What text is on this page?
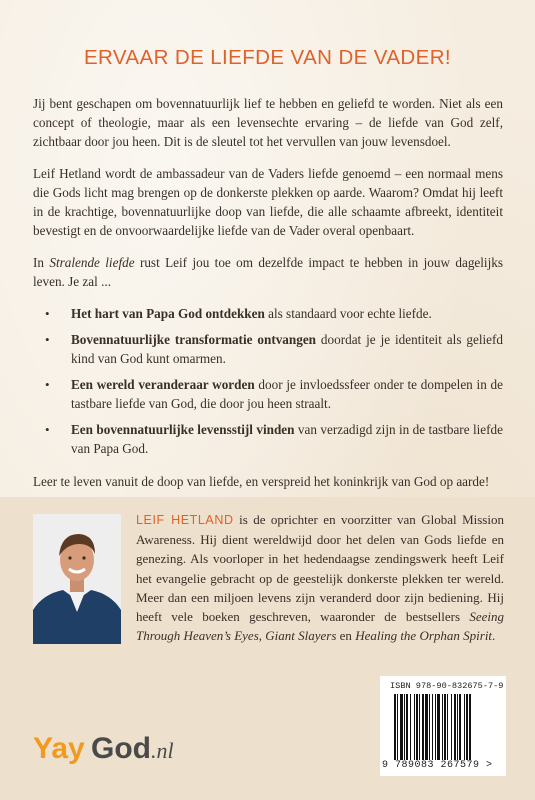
ERVAAR DE LIEFDE VAN DE VADER!

Jij bent geschapen om bovennatuurlijk lief te hebben en geliefd te worden. Niet als een concept of theologie, maar als een levensechte ervaring – de liefde van God zelf, zichtbaar door jou heen. Dit is de sleutel tot het vervullen van jouw levensdoel.

Leif Hetland wordt de ambassadeur van de Vaders liefde genoemd – een normaal mens die Gods licht mag brengen op de donkerste plekken op aarde. Waarom? Omdat hij leeft in de krachtige, bovennatuurlijke doop van liefde, die alle schaamte afbreekt, identiteit bevestigt en de onvoorwaardelijke liefde van de Vader overal openbaart.

In Stralende liefde rust Leif jou toe om dezelfde impact te hebben in jouw dagelijks leven. Je zal ...

• Het hart van Papa God ontdekken als standaard voor echte liefde.
• Bovennatuurlijke transformatie ontvangen doordat je je identiteit als geliefd kind van God kunt omarmen.
• Een wereld veranderaar worden door je invloedssfeer onder te dompelen in de tastbare liefde van God, die door jou heen straalt.
• Een bovennatuurlijke levensstijl vinden van verzadigd zijn in de tastbare liefde van Papa God.

Leer te leven vanuit de doop van liefde, en verspreid het koninkrijk van God op aarde!

LEIF HETLAND is de oprichter en voorzitter van Global Mission Awareness. Hij dient wereldwijd door het delen van Gods liefde en genezing. Als voorloper in het hedendaagse zendingswerk heeft Leif het evangelie gebracht op de geestelijk donkerste plekken ter wereld. Meer dan een miljoen levens zijn veranderd door zijn bediening. Hij heeft vele boeken geschreven, waaronder de bestsellers Seeing Through Heaven’s Eyes, Giant Slayers en Healing the Orphan Spirit.
ISBN 978-90-832675-7-9
9 789083 267579 >
Yay God .nl
